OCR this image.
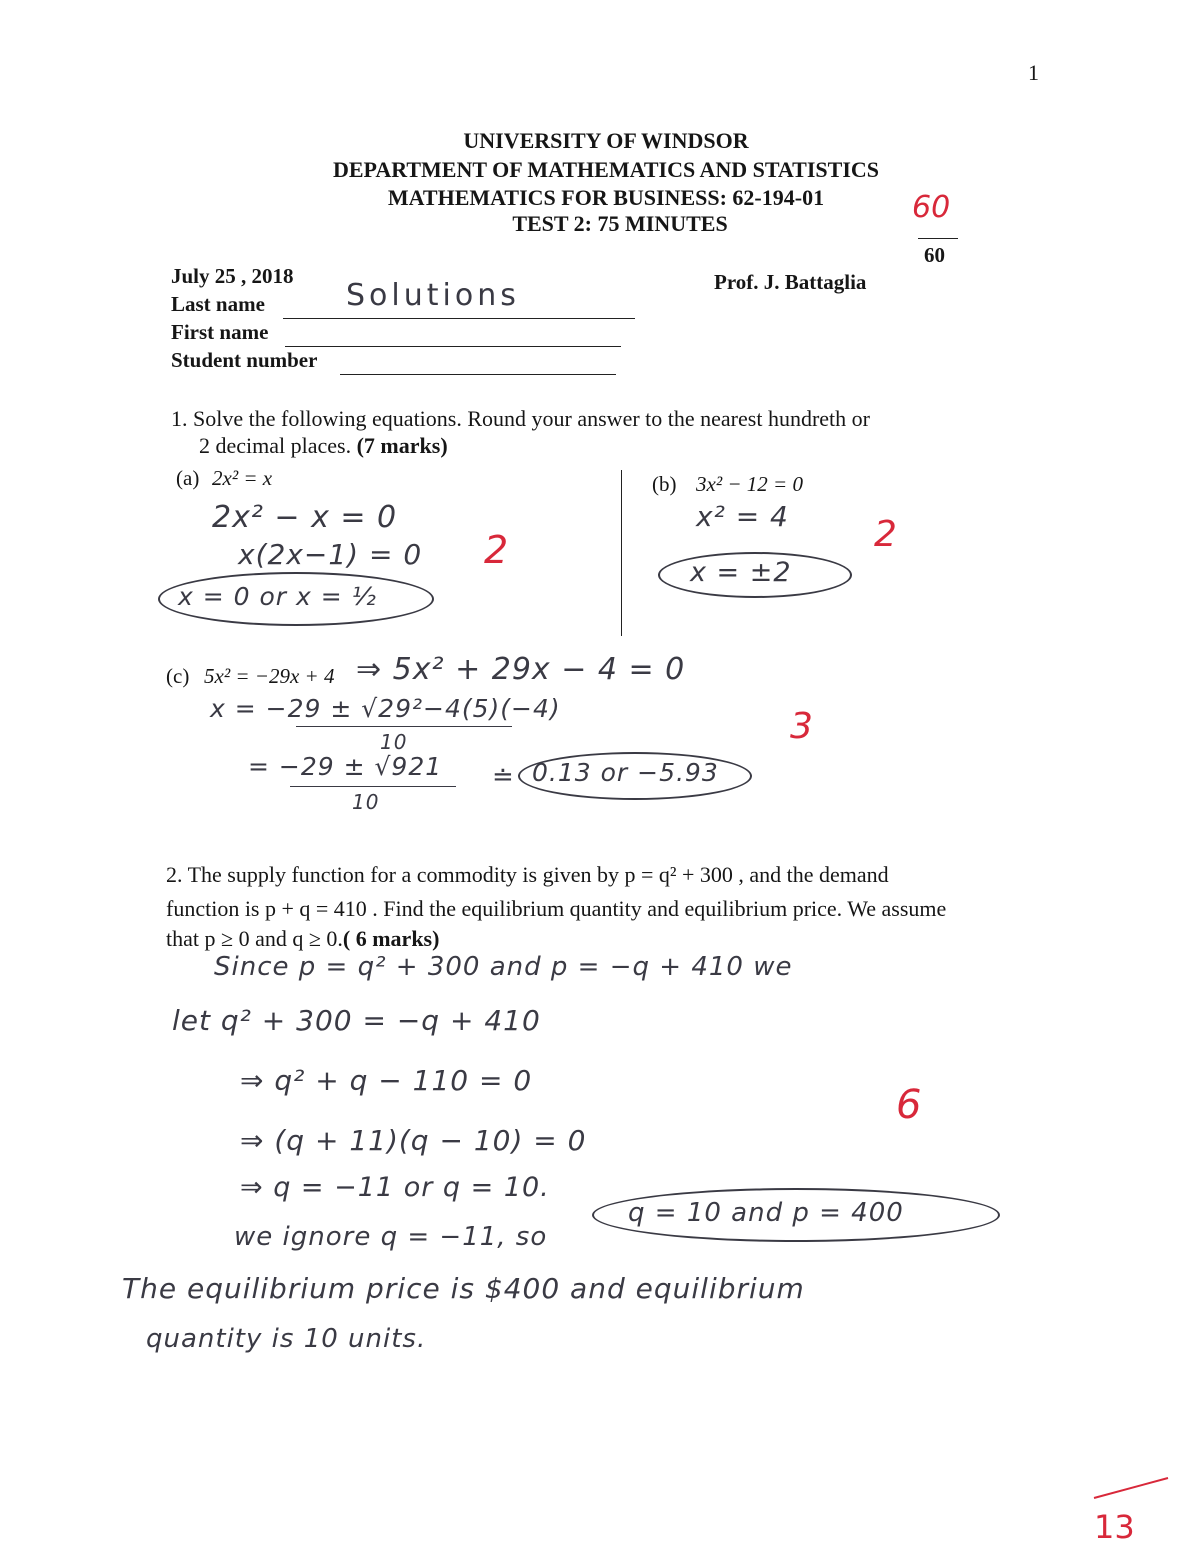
1
UNIVERSITY OF WINDSOR
DEPARTMENT OF MATHEMATICS AND STATISTICS
MATHEMATICS FOR BUSINESS: 62-194-01
TEST 2: 75 MINUTES	60
60
July 25 , 2018	Prof. J. Battaglia
Last name	Solutions
First name
Student number
1. Solve the following equations. Round your answer to the nearest hundreth or
2 decimal places. (7 marks)
(a) 2x² = x	(b) 3x² − 12 = 0
2x² − x = 0
x(2x−1) = 0
x = 0 or x = ½
2
x² = 4
x = ±2
2
(c) 5x² = −29x + 4 ⇒ 5x² + 29x − 4 = 0
x = −29 ± √29²−4(5)(−4)
10
= −29 ± √921
10
≐ 0.13 or −5.93
3
2. The supply function for a commodity is given by p = q² + 300 , and the demand
function is p + q = 410 . Find the equilibrium quantity and equilibrium price. We assume
that p ≥ 0 and q ≥ 0.( 6 marks)
Since p = q² + 300 and p = −q + 410 we
let q² + 300 = −q + 410
⇒ q² + q − 110 = 0
⇒ (q + 11)(q − 10) = 0
⇒ q = −11 or q = 10.
we ignore q = −11, so
q = 10 and p = 400
6
The equilibrium price is $400 and equilibrium
quantity is 10 units.
13
